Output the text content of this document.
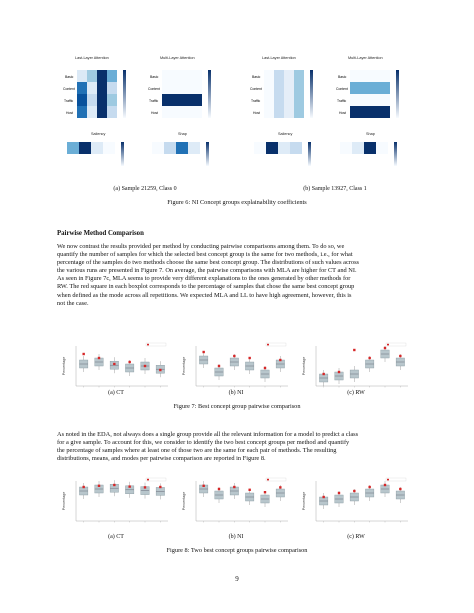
Last-Layer Attention
Basic
Content
Traffic
Host
Multi-Layer Attention
Basic
Content
Traffic
Host
Saliency	Shap
(a) Sample 21259, Class 0
Last-Layer Attention
Basic
Content
Traffic
Host
Multi-Layer Attention
Basic
Content
Traffic
Host
Saliency	Shap
(b) Sample 13927, Class 1
Figure 6: NI Concept groups explainability coefficients
Pairwise Method Comparison

We now contrast the results provided per method by conducting pairwise comparisons among them. To do so, we

quantify the number of samples for which the selected best concept group is the same for two methods, i.e., for what

percentage of the samples do two methods choose the same best concept group. The distributions of such values across

the various runs are presented in Figure 7. On average, the pairwise comparisons with MLA are higher for CT and NI.

As seen in Figure 7c, MLA seems to provide very different explanations to the ones generated by other methods for

RW. The red square in each boxplot corresponds to the percentage of samples that chose the same best concept group

when defined as the mode across all repetitions. We expected MLA and LL to have high agreement, however, this is

not the case.

Percentage	Percentage	Percentage
(a) CT	(b) NI	(c) RW
Figure 7: Best concept group pairwise comparison

As noted in the EDA, not always does a single group provide all the relevant information for a model to predict a class

for a give sample. To account for this, we consider to identify the two best concept groups per method and quantify

the percentage of samples where at least one of those two are the same for each pair of methods. The resulting

distributions, means, and modes per pairwise comparison are reported in Figure 8.

Percentage	Percentage	Percentage
(a) CT	(b) NI	(c) RW
Figure 8: Two best concept groups pairwise comparison
9
